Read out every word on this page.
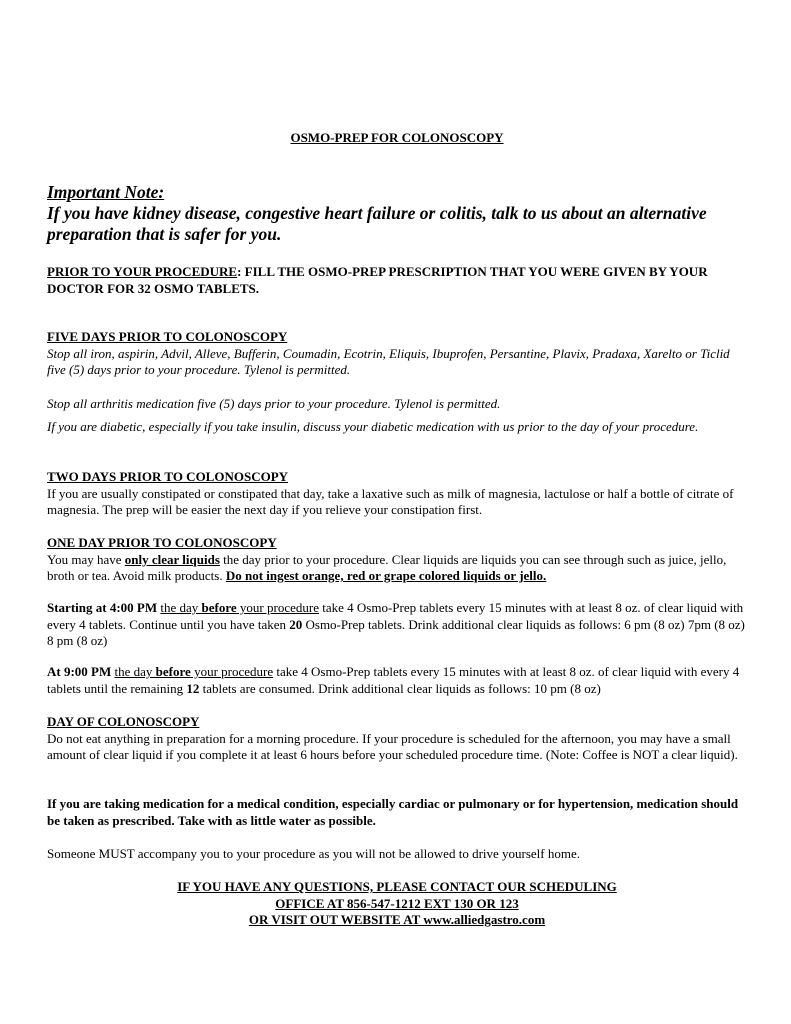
OSMO-PREP FOR COLONOSCOPY
Important Note:
If you have kidney disease, congestive heart failure or colitis, talk to us about an alternative preparation that is safer for you.

PRIOR TO YOUR PROCEDURE: FILL THE OSMO-PREP PRESCRIPTION THAT YOU WERE GIVEN BY YOUR DOCTOR FOR 32 OSMO TABLETS.

FIVE DAYS PRIOR TO COLONOSCOPY

Stop all iron, aspirin, Advil, Alleve, Bufferin, Coumadin, Ecotrin, Eliquis, Ibuprofen, Persantine, Plavix, Pradaxa, Xarelto or Ticlid five (5) days prior to your procedure. Tylenol is permitted.

Stop all arthritis medication five (5) days prior to your procedure. Tylenol is permitted.

If you are diabetic, especially if you take insulin, discuss your diabetic medication with us prior to the day of your procedure.

TWO DAYS PRIOR TO COLONOSCOPY

If you are usually constipated or constipated that day, take a laxative such as milk of magnesia, lactulose or half a bottle of citrate of magnesia. The prep will be easier the next day if you relieve your constipation first.

ONE DAY PRIOR TO COLONOSCOPY

You may have only clear liquids the day prior to your procedure. Clear liquids are liquids you can see through such as juice, jello, broth or tea. Avoid milk products. Do not ingest orange, red or grape colored liquids or jello.

Starting at 4:00 PM the day before your procedure take 4 Osmo-Prep tablets every 15 minutes with at least 8 oz. of clear liquid with every 4 tablets. Continue until you have taken 20 Osmo-Prep tablets. Drink additional clear liquids as follows: 6 pm (8 oz) 7pm (8 oz) 8 pm (8 oz)

At 9:00 PM the day before your procedure take 4 Osmo-Prep tablets every 15 minutes with at least 8 oz. of clear liquid with every 4 tablets until the remaining 12 tablets are consumed. Drink additional clear liquids as follows: 10 pm (8 oz)

DAY OF COLONOSCOPY

Do not eat anything in preparation for a morning procedure. If your procedure is scheduled for the afternoon, you may have a small amount of clear liquid if you complete it at least 6 hours before your scheduled procedure time. (Note: Coffee is NOT a clear liquid).

If you are taking medication for a medical condition, especially cardiac or pulmonary or for hypertension, medication should be taken as prescribed. Take with as little water as possible.

Someone MUST accompany you to your procedure as you will not be allowed to drive yourself home.

IF YOU HAVE ANY QUESTIONS, PLEASE CONTACT OUR SCHEDULING
OFFICE AT 856-547-1212 EXT 130 OR 123
OR VISIT OUT WEBSITE AT www.alliedgastro.com
